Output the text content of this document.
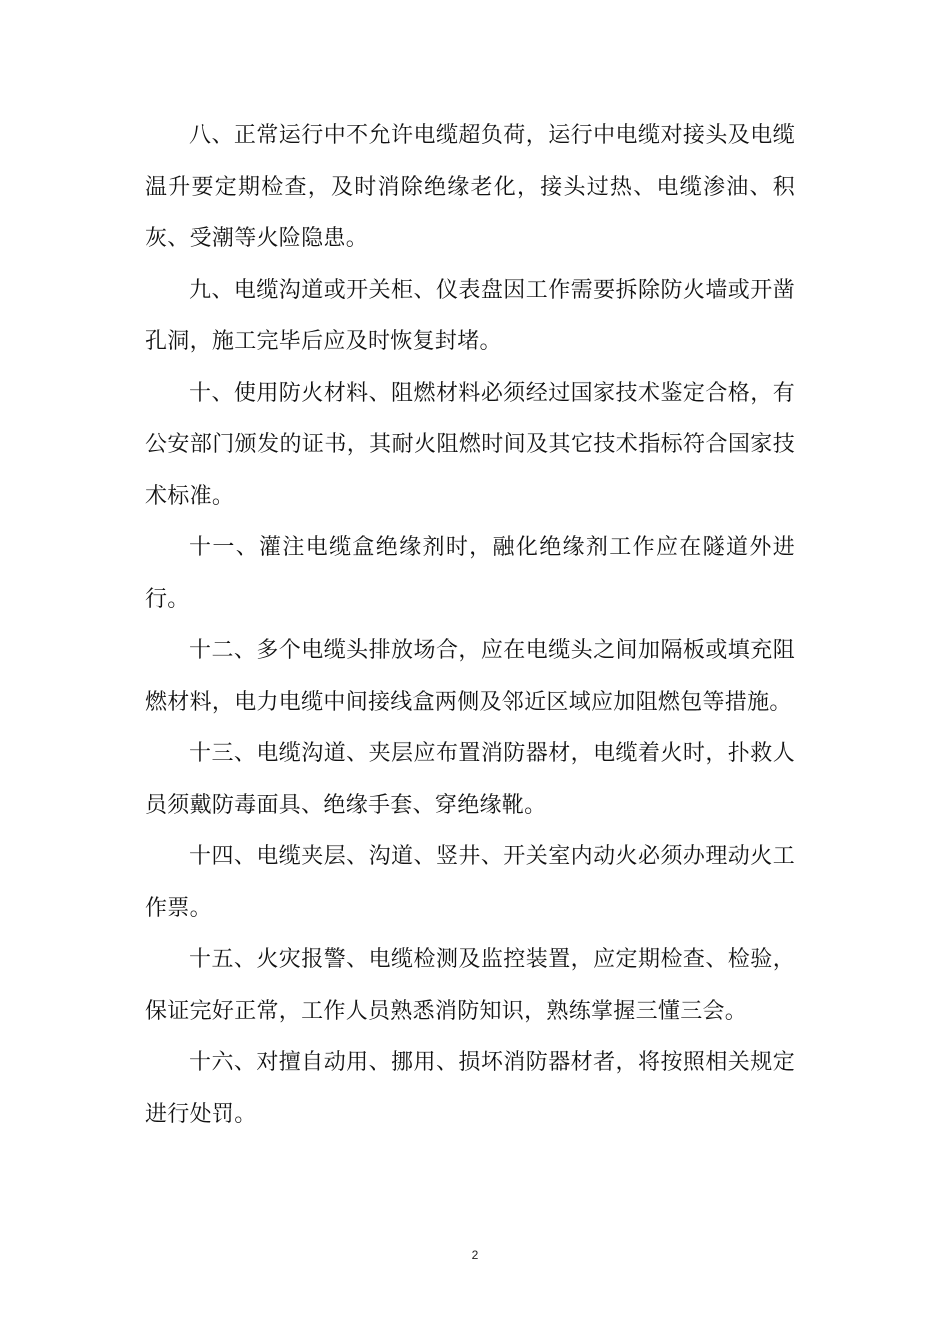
八、正常运行中不允许电缆超负荷，运行中电缆对接头及电缆温升要定期检查，及时消除绝缘老化，接头过热、电缆渗油、积灰、受潮等火险隐患。

九、电缆沟道或开关柜、仪表盘因工作需要拆除防火墙或开凿孔洞，施工完毕后应及时恢复封堵。

十、使用防火材料、阻燃材料必须经过国家技术鉴定合格，有公安部门颁发的证书，其耐火阻燃时间及其它技术指标符合国家技术标准。

十一、灌注电缆盒绝缘剂时，融化绝缘剂工作应在隧道外进行。

十二、多个电缆头排放场合，应在电缆头之间加隔板或填充阻燃材料，电力电缆中间接线盒两侧及邻近区域应加阻燃包等措施。

十三、电缆沟道、夹层应布置消防器材，电缆着火时，扑救人员须戴防毒面具、绝缘手套、穿绝缘靴。

十四、电缆夹层、沟道、竖井、开关室内动火必须办理动火工作票。

十五、火灾报警、电缆检测及监控装置，应定期检查、检验，保证完好正常，工作人员熟悉消防知识，熟练掌握三懂三会。

十六、对擅自动用、挪用、损坏消防器材者，将按照相关规定进行处罚。

2
